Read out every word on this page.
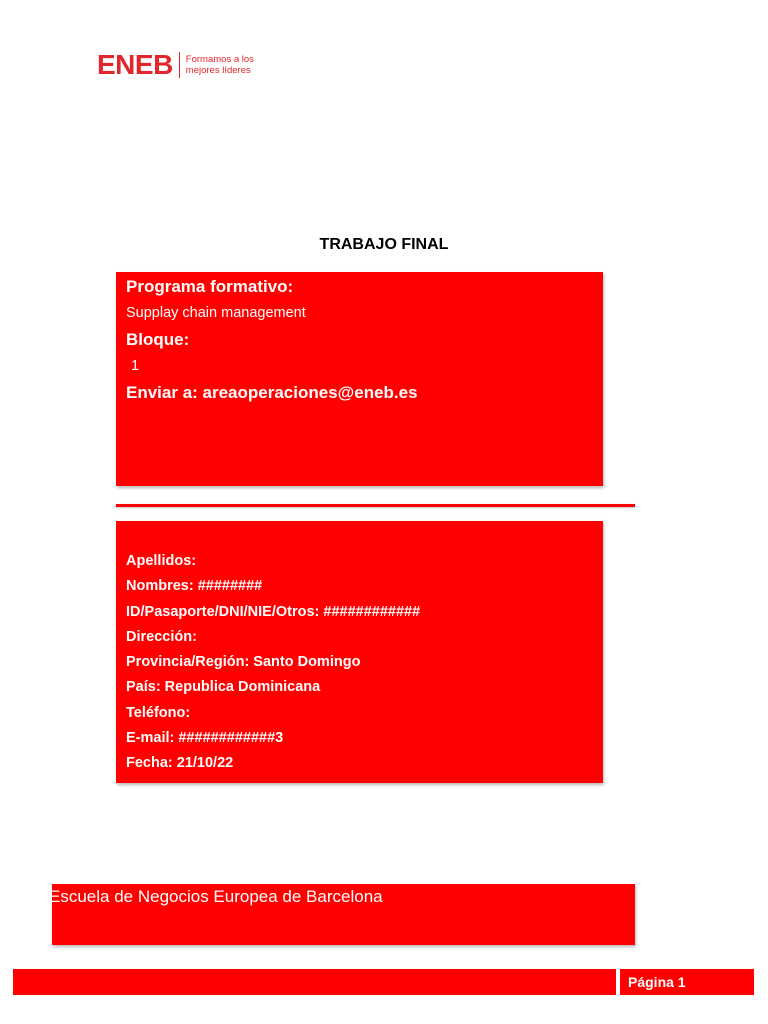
ENEB Formamos a los
mejores líderes
TRABAJO FINAL
Programa formativo:
Supplay chain management
Bloque:
1
Enviar a: areaoperaciones@eneb.es
Apellidos:
Nombres: ########
ID/Pasaporte/DNI/NIE/Otros: ############
Dirección:
Provincia/Región: Santo Domingo
País: Republica Dominicana
Teléfono:
E-mail: ############3
Fecha: 21/10/22
Escuela de Negocios Europea de Barcelona
Página 1
